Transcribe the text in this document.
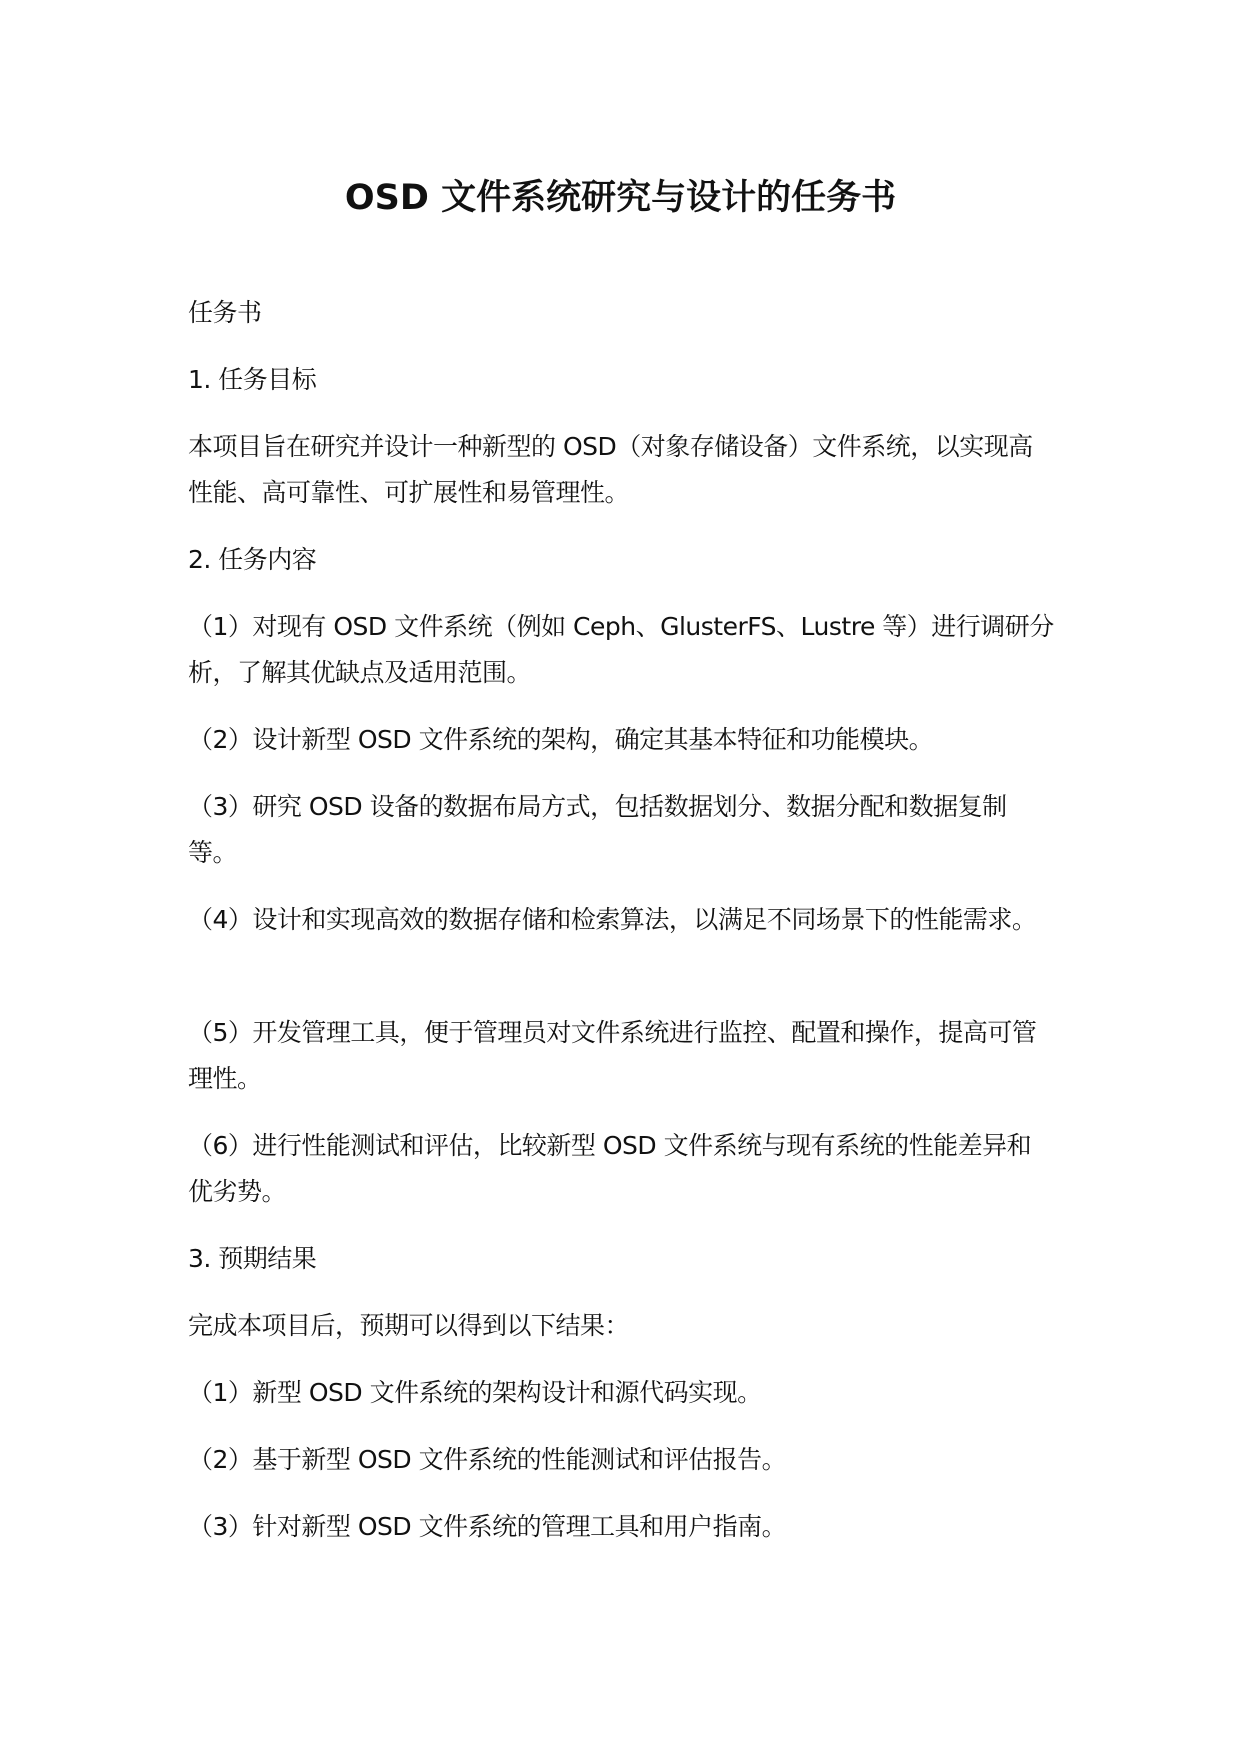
OSD 文件系统研究与设计的任务书

任务书

1. 任务目标

本项目旨在研究并设计一种新型的 OSD（对象存储设备）文件系统，以实现高性能、高可靠性、可扩展性和易管理性。

2. 任务内容

（1）对现有 OSD 文件系统（例如 Ceph、GlusterFS、Lustre 等）进行调研分析，了解其优缺点及适用范围。

（2）设计新型 OSD 文件系统的架构，确定其基本特征和功能模块。

（3）研究 OSD 设备的数据布局方式，包括数据划分、数据分配和数据复制等。

（4）设计和实现高效的数据存储和检索算法，以满足不同场景下的性能需求。

（5）开发管理工具，便于管理员对文件系统进行监控、配置和操作，提高可管理性。

（6）进行性能测试和评估，比较新型 OSD 文件系统与现有系统的性能差异和优劣势。

3. 预期结果

完成本项目后，预期可以得到以下结果：

（1）新型 OSD 文件系统的架构设计和源代码实现。

（2）基于新型 OSD 文件系统的性能测试和评估报告。

（3）针对新型 OSD 文件系统的管理工具和用户指南。
